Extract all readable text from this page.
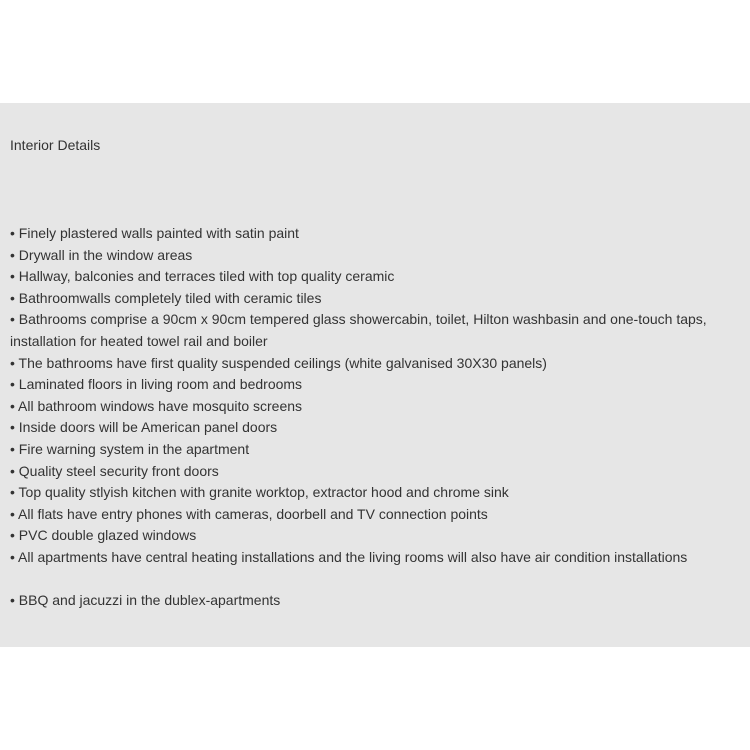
Interior Details
• Finely plastered walls painted with satin paint
• Drywall in the window areas
• Hallway, balconies and terraces tiled with top quality ceramic
• Bathroomwalls completely tiled with ceramic tiles
• Bathrooms comprise a 90cm x 90cm tempered glass showercabin, toilet, Hilton washbasin and one-touch taps, installation for heated towel rail and boiler
• The bathrooms have first quality suspended ceilings (white galvanised 30X30 panels)
• Laminated floors in living room and bedrooms
• All bathroom windows have mosquito screens
• Inside doors will be American panel doors
• Fire warning system in the apartment
• Quality steel security front doors
• Top quality stlyish kitchen with granite worktop, extractor hood and chrome sink
• All flats have entry phones with cameras, doorbell and TV connection points
• PVC double glazed windows
• All apartments have central heating installations and the living rooms will also have air condition installations
• BBQ and jacuzzi in the dublex-apartments
